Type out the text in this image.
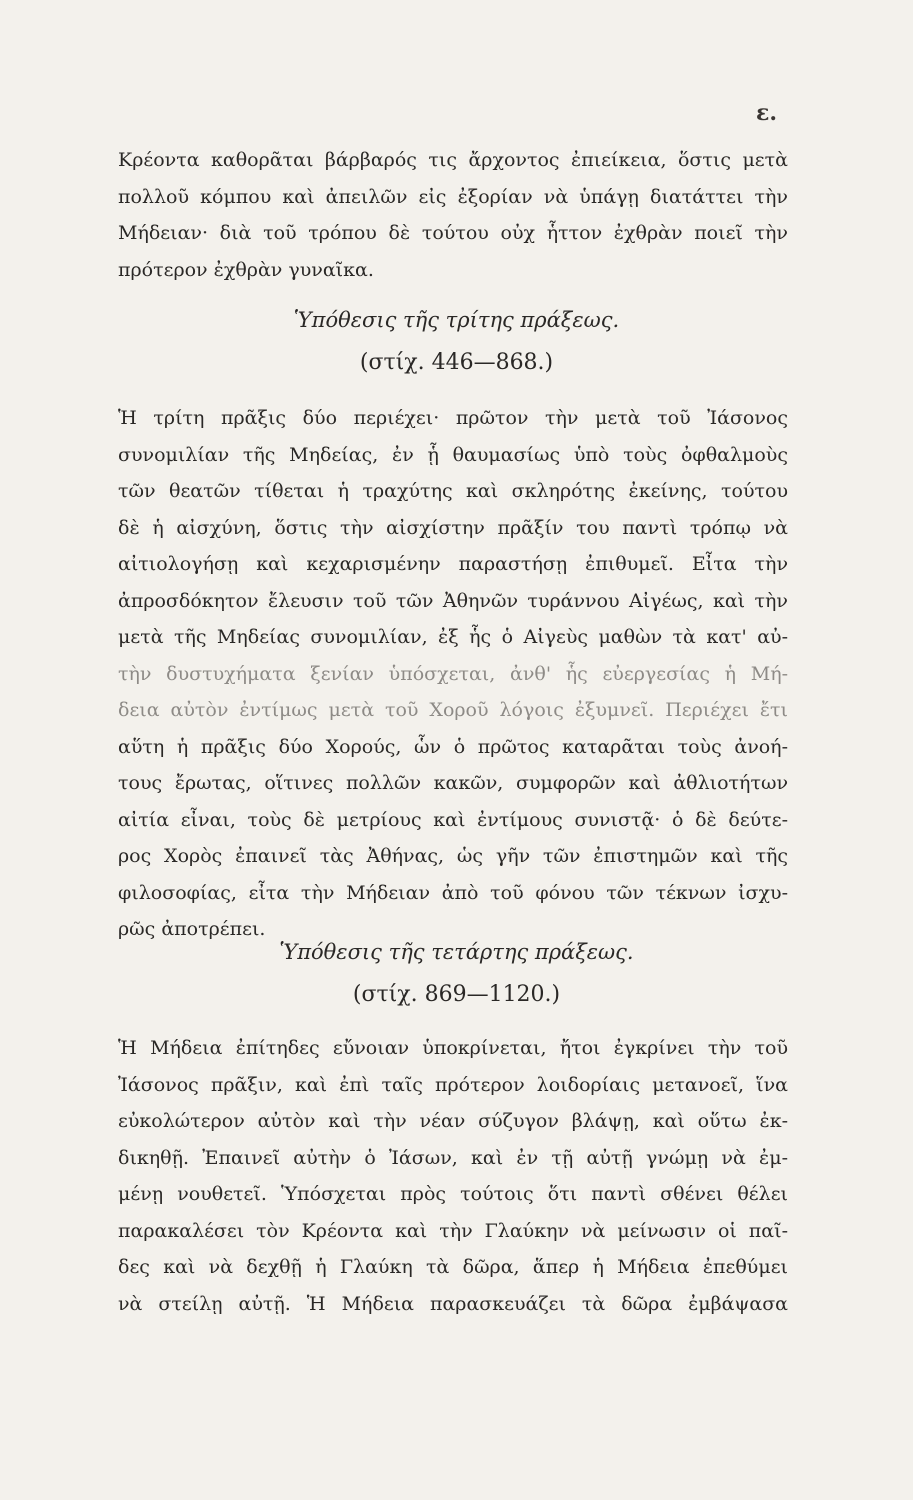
ε.
Κρέοντα καθορᾶται βάρβαρός τις ἄρχοντος ἐπιείκεια, ὅστις μετὰ
πολλοῦ κόμπου καὶ ἀπειλῶν εἰς ἐξορίαν νὰ ὑπάγῃ διατάττει τὴν
Μήδειαν· διὰ τοῦ τρόπου δὲ τούτου οὐχ ἧττον ἐχθρὰν ποιεῖ τὴν
πρότερον ἐχθρὰν γυναῖκα.
Ὑπόθεσις τῆς τρίτης πράξεως.
(στίχ. 446—868.)
Ἡ τρίτη πρᾶξις δύο περιέχει· πρῶτον τὴν μετὰ τοῦ Ἰάσονος
συνομιλίαν τῆς Μηδείας, ἐν ᾗ θαυμασίως ὑπὸ τοὺς ὀφθαλμοὺς
τῶν θεατῶν τίθεται ἡ τραχύτης καὶ σκληρότης ἐκείνης, τούτου
δὲ ἡ αἰσχύνη, ὅστις τὴν αἰσχίστην πρᾶξίν του παντὶ τρόπῳ νὰ
αἰτιολογήσῃ καὶ κεχαρισμένην παραστήσῃ ἐπιθυμεῖ. Εἶτα τὴν
ἀπροσδόκητον ἔλευσιν τοῦ τῶν Ἀθηνῶν τυράννου Αἰγέως, καὶ τὴν
μετὰ τῆς Μηδείας συνομιλίαν, ἐξ ἧς ὁ Αἰγεὺς μαθὼν τὰ κατ' αὐ-
τὴν δυστυχήματα ξενίαν ὑπόσχεται, ἀνθ' ἧς εὐεργεσίας ἡ Μή-
δεια αὐτὸν ἐντίμως μετὰ τοῦ Χοροῦ λόγοις ἐξυμνεῖ. Περιέχει ἔτι
αὕτη ἡ πρᾶξις δύο Χορούς, ὧν ὁ πρῶτος καταρᾶται τοὺς ἀνοή-
τους ἔρωτας, οἵτινες πολλῶν κακῶν, συμφορῶν καὶ ἀθλιοτήτων
αἰτία εἶναι, τοὺς δὲ μετρίους καὶ ἐντίμους συνιστᾷ· ὁ δὲ δεύτε-
ρος Χορὸς ἐπαινεῖ τὰς Ἀθήνας, ὡς γῆν τῶν ἐπιστημῶν καὶ τῆς
φιλοσοφίας, εἶτα τὴν Μήδειαν ἀπὸ τοῦ φόνου τῶν τέκνων ἰσχυ-
ρῶς ἀποτρέπει.
Ὑπόθεσις τῆς τετάρτης πράξεως.
(στίχ. 869—1120.)
Ἡ Μήδεια ἐπίτηδες εὔνοιαν ὑποκρίνεται, ἤτοι ἐγκρίνει τὴν τοῦ
Ἰάσονος πρᾶξιν, καὶ ἐπὶ ταῖς πρότερον λοιδορίαις μετανοεῖ, ἵνα
εὐκολώτερον αὐτὸν καὶ τὴν νέαν σύζυγον βλάψῃ, καὶ οὕτω ἐκ-
δικηθῇ. Ἐπαινεῖ αὐτὴν ὁ Ἰάσων, καὶ ἐν τῇ αὐτῇ γνώμῃ νὰ ἐμ-
μένῃ νουθετεῖ. Ὑπόσχεται πρὸς τούτοις ὅτι παντὶ σθένει θέλει
παρακαλέσει τὸν Κρέοντα καὶ τὴν Γλαύκην νὰ μείνωσιν οἱ παῖ-
δες καὶ νὰ δεχθῇ ἡ Γλαύκη τὰ δῶρα, ἅπερ ἡ Μήδεια ἐπεθύμει
νὰ στείλῃ αὐτῇ. Ἡ Μήδεια παρασκευάζει τὰ δῶρα ἐμβάψασα
